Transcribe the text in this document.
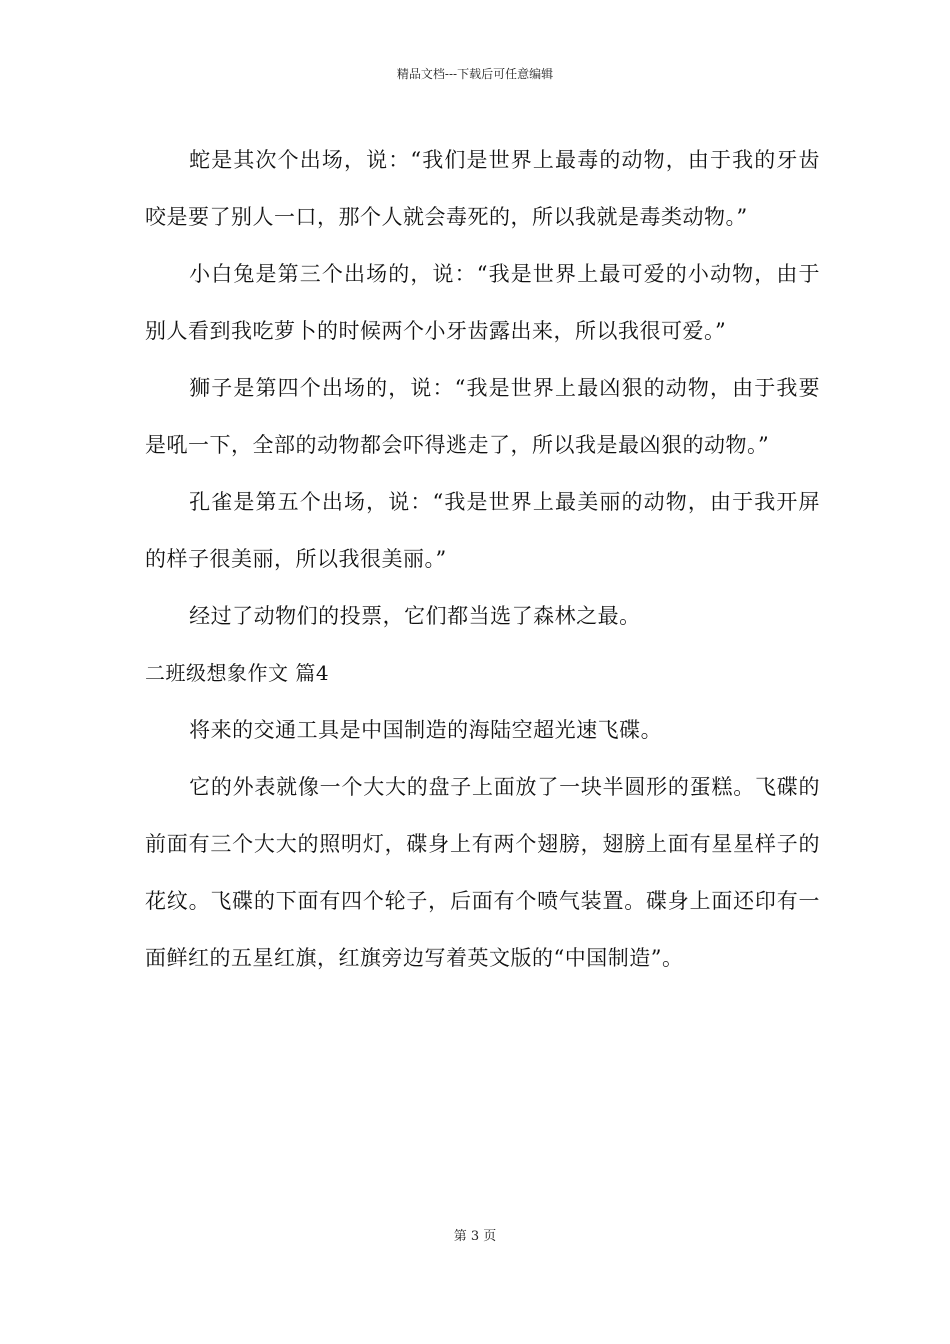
精品文档---下载后可任意编辑

蛇是其次个出场，说：“我们是世界上最毒的动物，由于我的牙齿咬是要了别人一口，那个人就会毒死的，所以我就是毒类动物。”

小白兔是第三个出场的，说：“我是世界上最可爱的小动物，由于别人看到我吃萝卜的时候两个小牙齿露出来，所以我很可爱。”

狮子是第四个出场的，说：“我是世界上最凶狠的动物，由于我要是吼一下，全部的动物都会吓得逃走了，所以我是最凶狠的动物。”

孔雀是第五个出场，说：“我是世界上最美丽的动物，由于我开屏的样子很美丽，所以我很美丽。”

经过了动物们的投票，它们都当选了森林之最。

二班级想象作文 篇4

将来的交通工具是中国制造的海陆空超光速飞碟。

它的外表就像一个大大的盘子上面放了一块半圆形的蛋糕。飞碟的前面有三个大大的照明灯，碟身上有两个翅膀，翅膀上面有星星样子的花纹。飞碟的下面有四个轮子，后面有个喷气装置。碟身上面还印有一面鲜红的五星红旗，红旗旁边写着英文版的“中国制造”。

第 3 页
